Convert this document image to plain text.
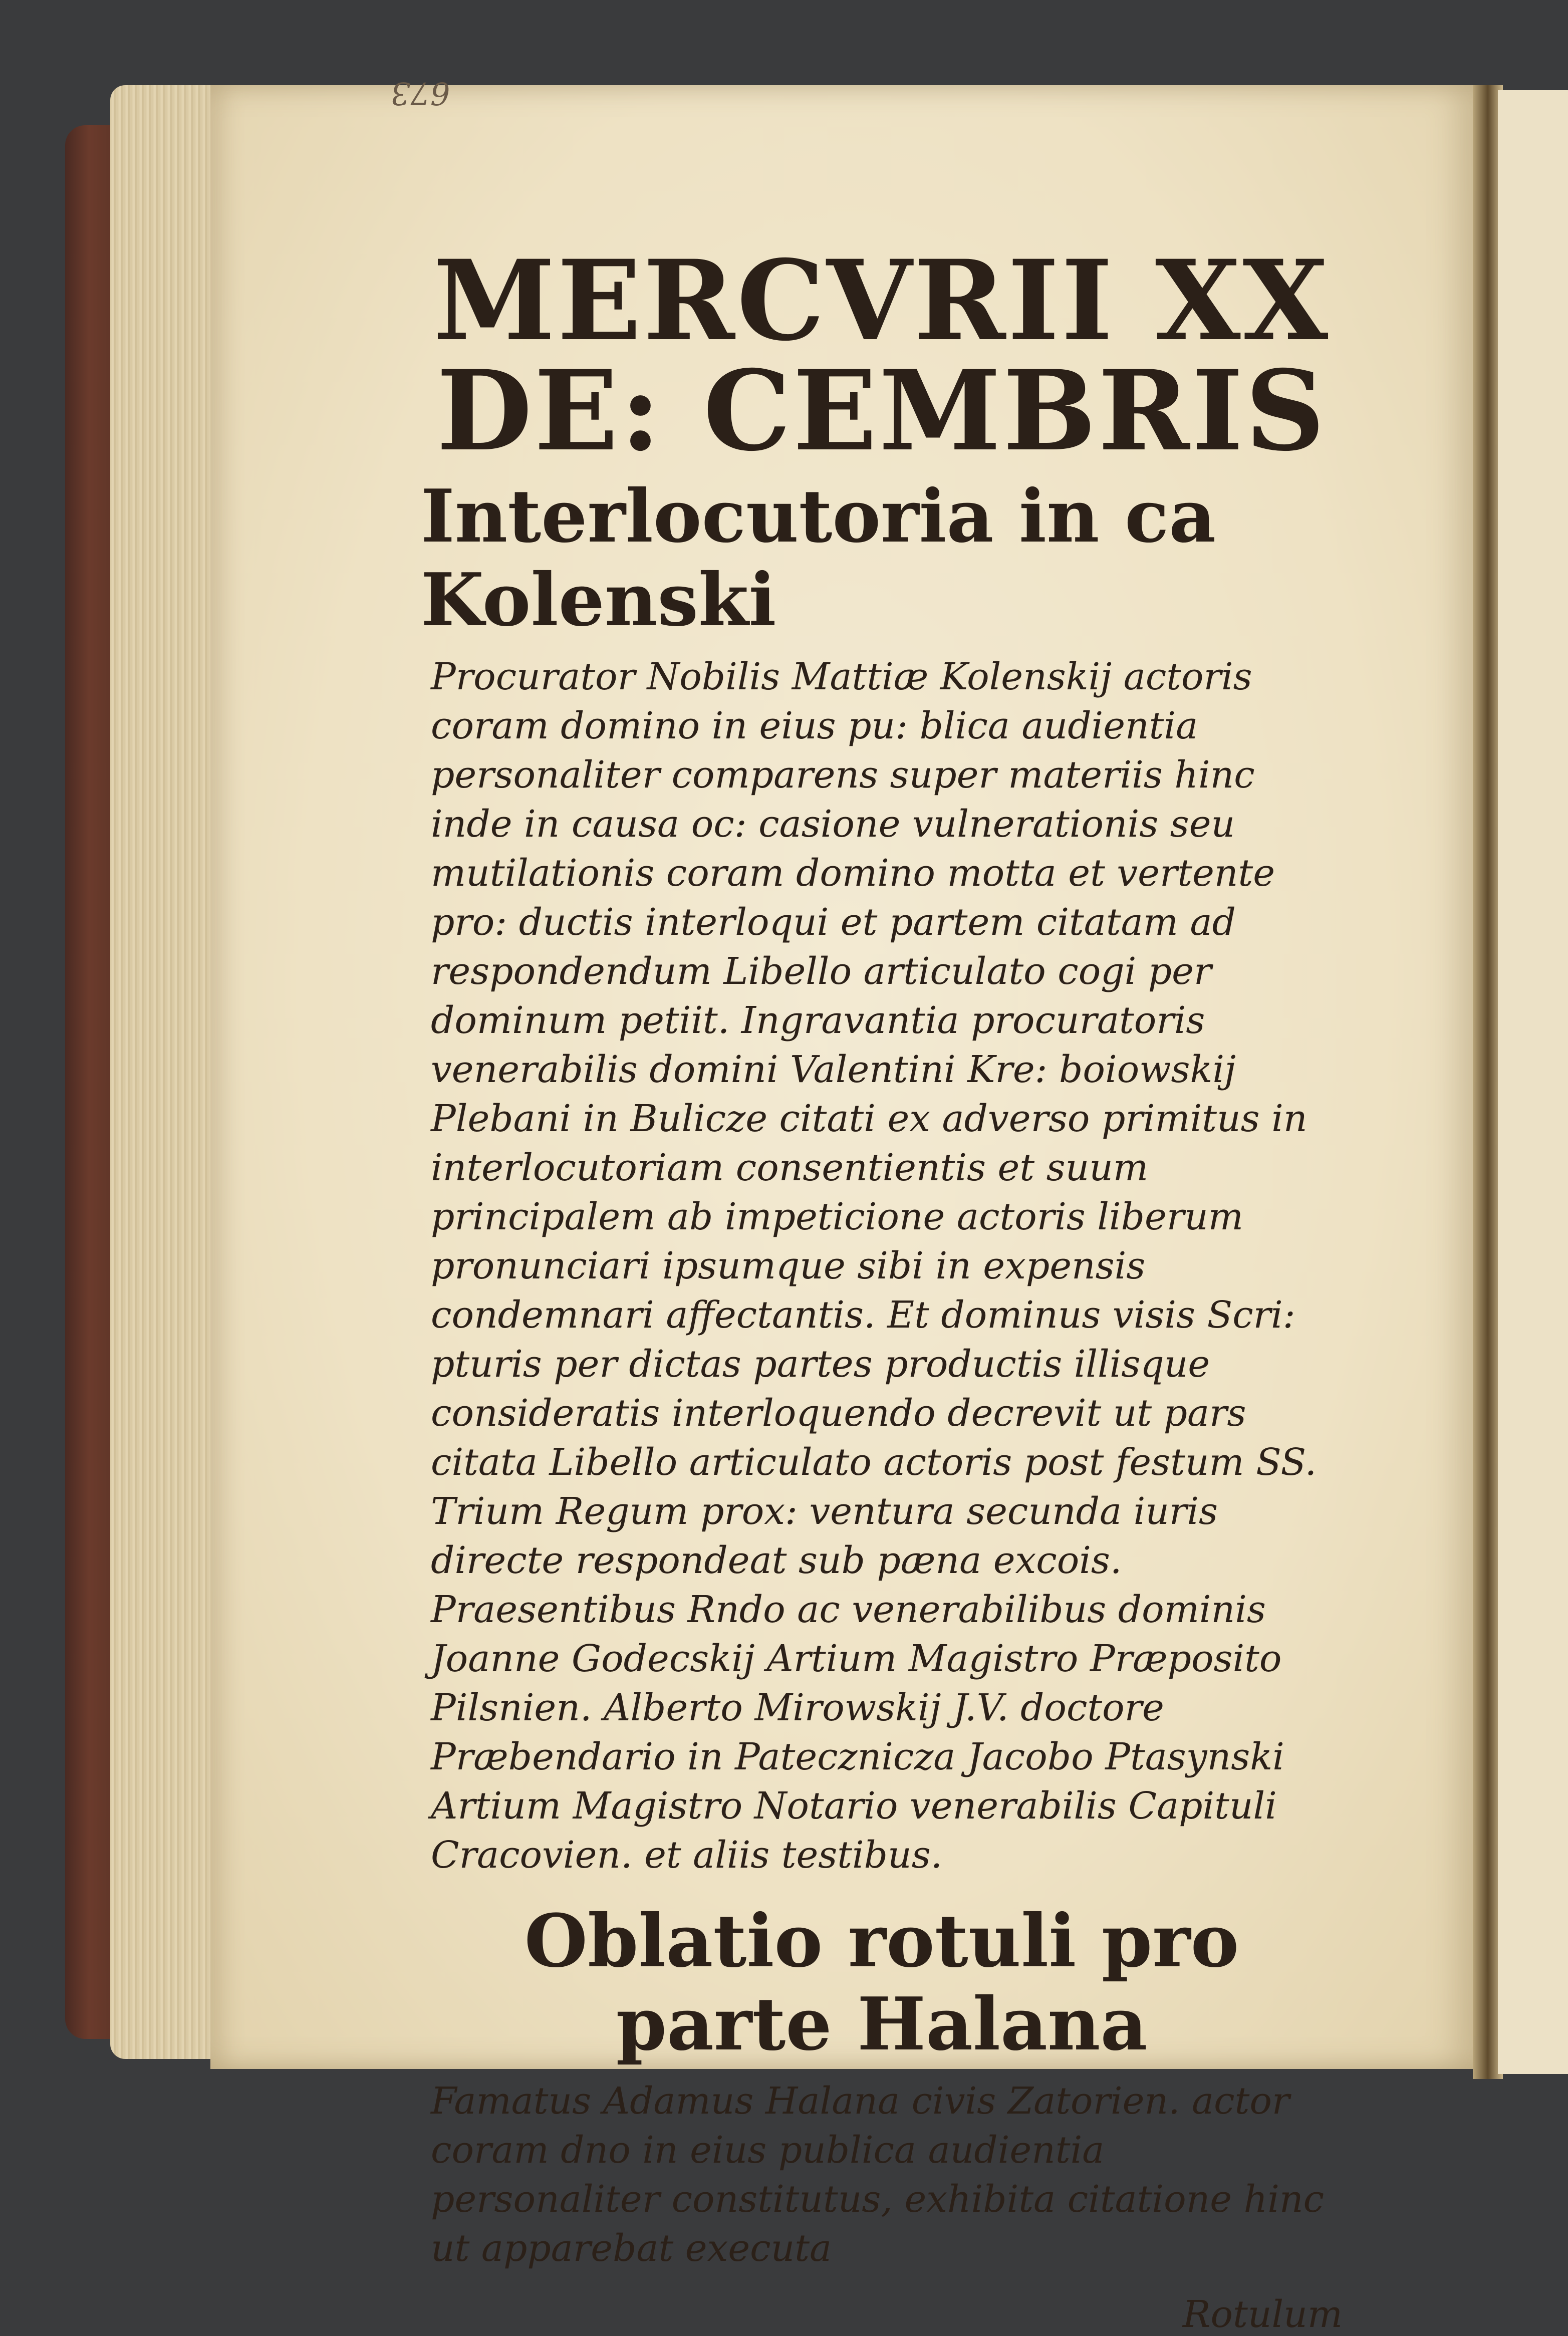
673
MERCVRII XX DE: CEMBRIS
Interlocutoria in ca Kolenski

Procurator Nobilis Mattiæ Kolenskij actoris coram domino in eius pu: blica audientia personaliter comparens super materiis hinc inde in causa oc: casione vulnerationis seu mutilationis coram domino motta et vertente pro: ductis interloqui et partem citatam ad respondendum Libello articulato cogi per dominum petiit. Ingravantia procuratoris venerabilis domini Valentini Kre: boiowskij Plebani in Bulicze citati ex adverso primitus in interlocutoriam consentientis et suum principalem ab impeticione actoris liberum pronunciari ipsumque sibi in expensis condemnari affectantis. Et dominus visis Scri: pturis per dictas partes productis illisque consideratis interloquendo decrevit ut pars citata Libello articulato actoris post festum SS. Trium Regum prox: ventura secunda iuris directe respondeat sub pæna excois. Praesentibus Rndo ac venerabilibus dominis Joanne Godecskij Artium Magistro Præposito Pilsnien. Alberto Mirowskij J.V. doctore Præbendario in Patecznicza Jacobo Ptasynski Artium Magistro Notario venerabilis Capituli Cracovien. et aliis testibus.

Oblatio rotuli pro parte Halana

Famatus Adamus Halana civis Zatorien. actor coram dno in eius publica audientia personaliter constitutus, exhibita citatione hinc ut apparebat executa

Rotulum
